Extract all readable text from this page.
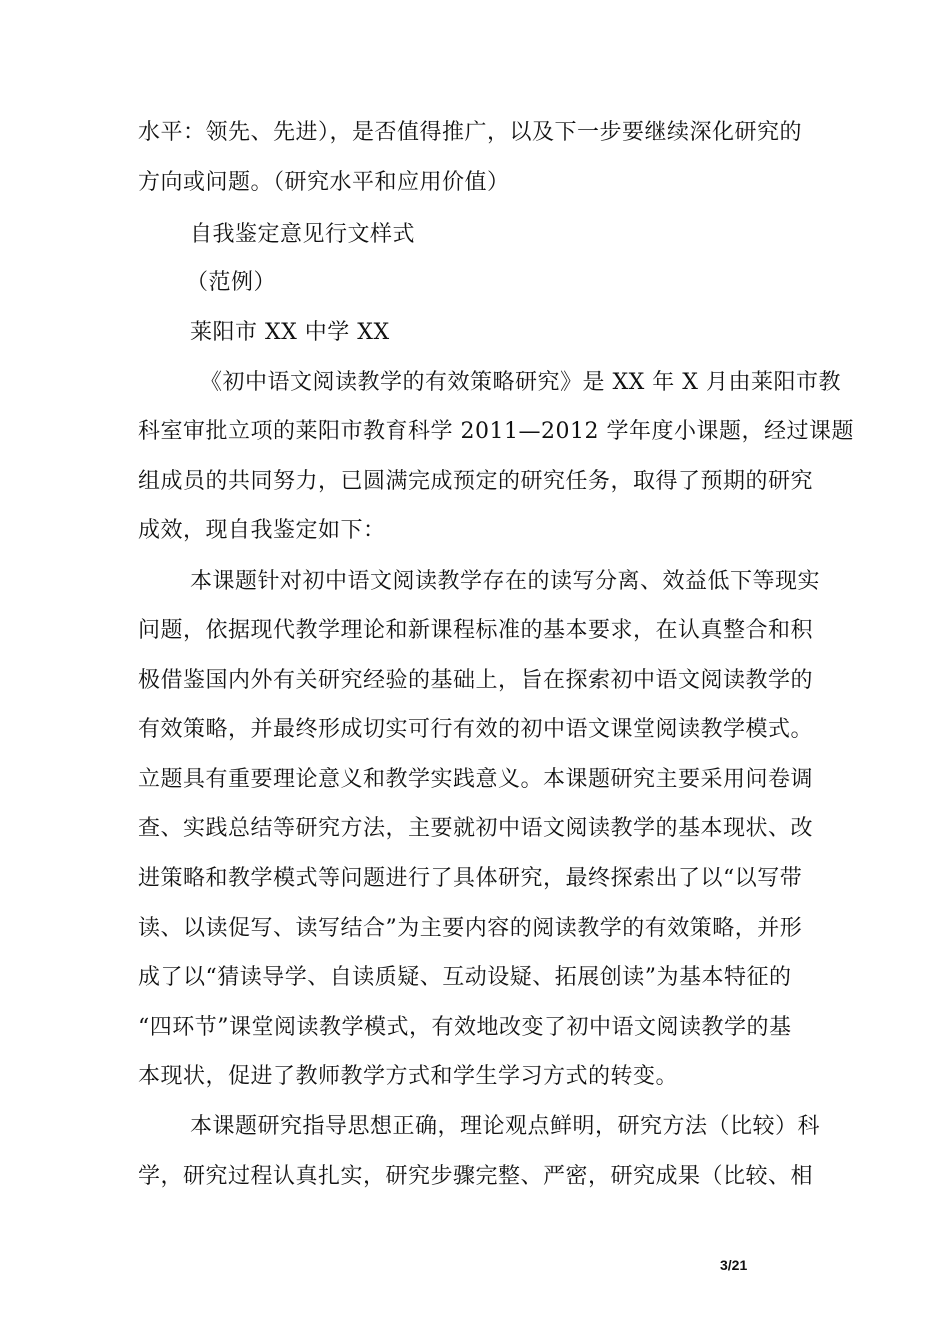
水平：领先、先进），是否值得推广，以及下一步要继续深化研究的
方向或问题。（研究水平和应用价值）
自我鉴定意见行文样式
（范例）
莱阳市 XX 中学 XX
《初中语文阅读教学的有效策略研究》是 XX 年 X 月由莱阳市教
科室审批立项的莱阳市教育科学 2011—2012 学年度小课题，经过课题
组成员的共同努力，已圆满完成预定的研究任务，取得了预期的研究
成效，现自我鉴定如下：
本课题针对初中语文阅读教学存在的读写分离、效益低下等现实
问题，依据现代教学理论和新课程标准的基本要求，在认真整合和积
极借鉴国内外有关研究经验的基础上，旨在探索初中语文阅读教学的
有效策略，并最终形成切实可行有效的初中语文课堂阅读教学模式。
立题具有重要理论意义和教学实践意义。本课题研究主要采用问卷调
查、实践总结等研究方法，主要就初中语文阅读教学的基本现状、改
进策略和教学模式等问题进行了具体研究，最终探索出了以“以写带
读、以读促写、读写结合”为主要内容的阅读教学的有效策略，并形
成了以“猜读导学、自读质疑、互动设疑、拓展创读”为基本特征的
“四环节”课堂阅读教学模式，有效地改变了初中语文阅读教学的基
本现状，促进了教师教学方式和学生学习方式的转变。
本课题研究指导思想正确，理论观点鲜明，研究方法（比较）科
学，研究过程认真扎实，研究步骤完整、严密，研究成果（比较、相
3/21
